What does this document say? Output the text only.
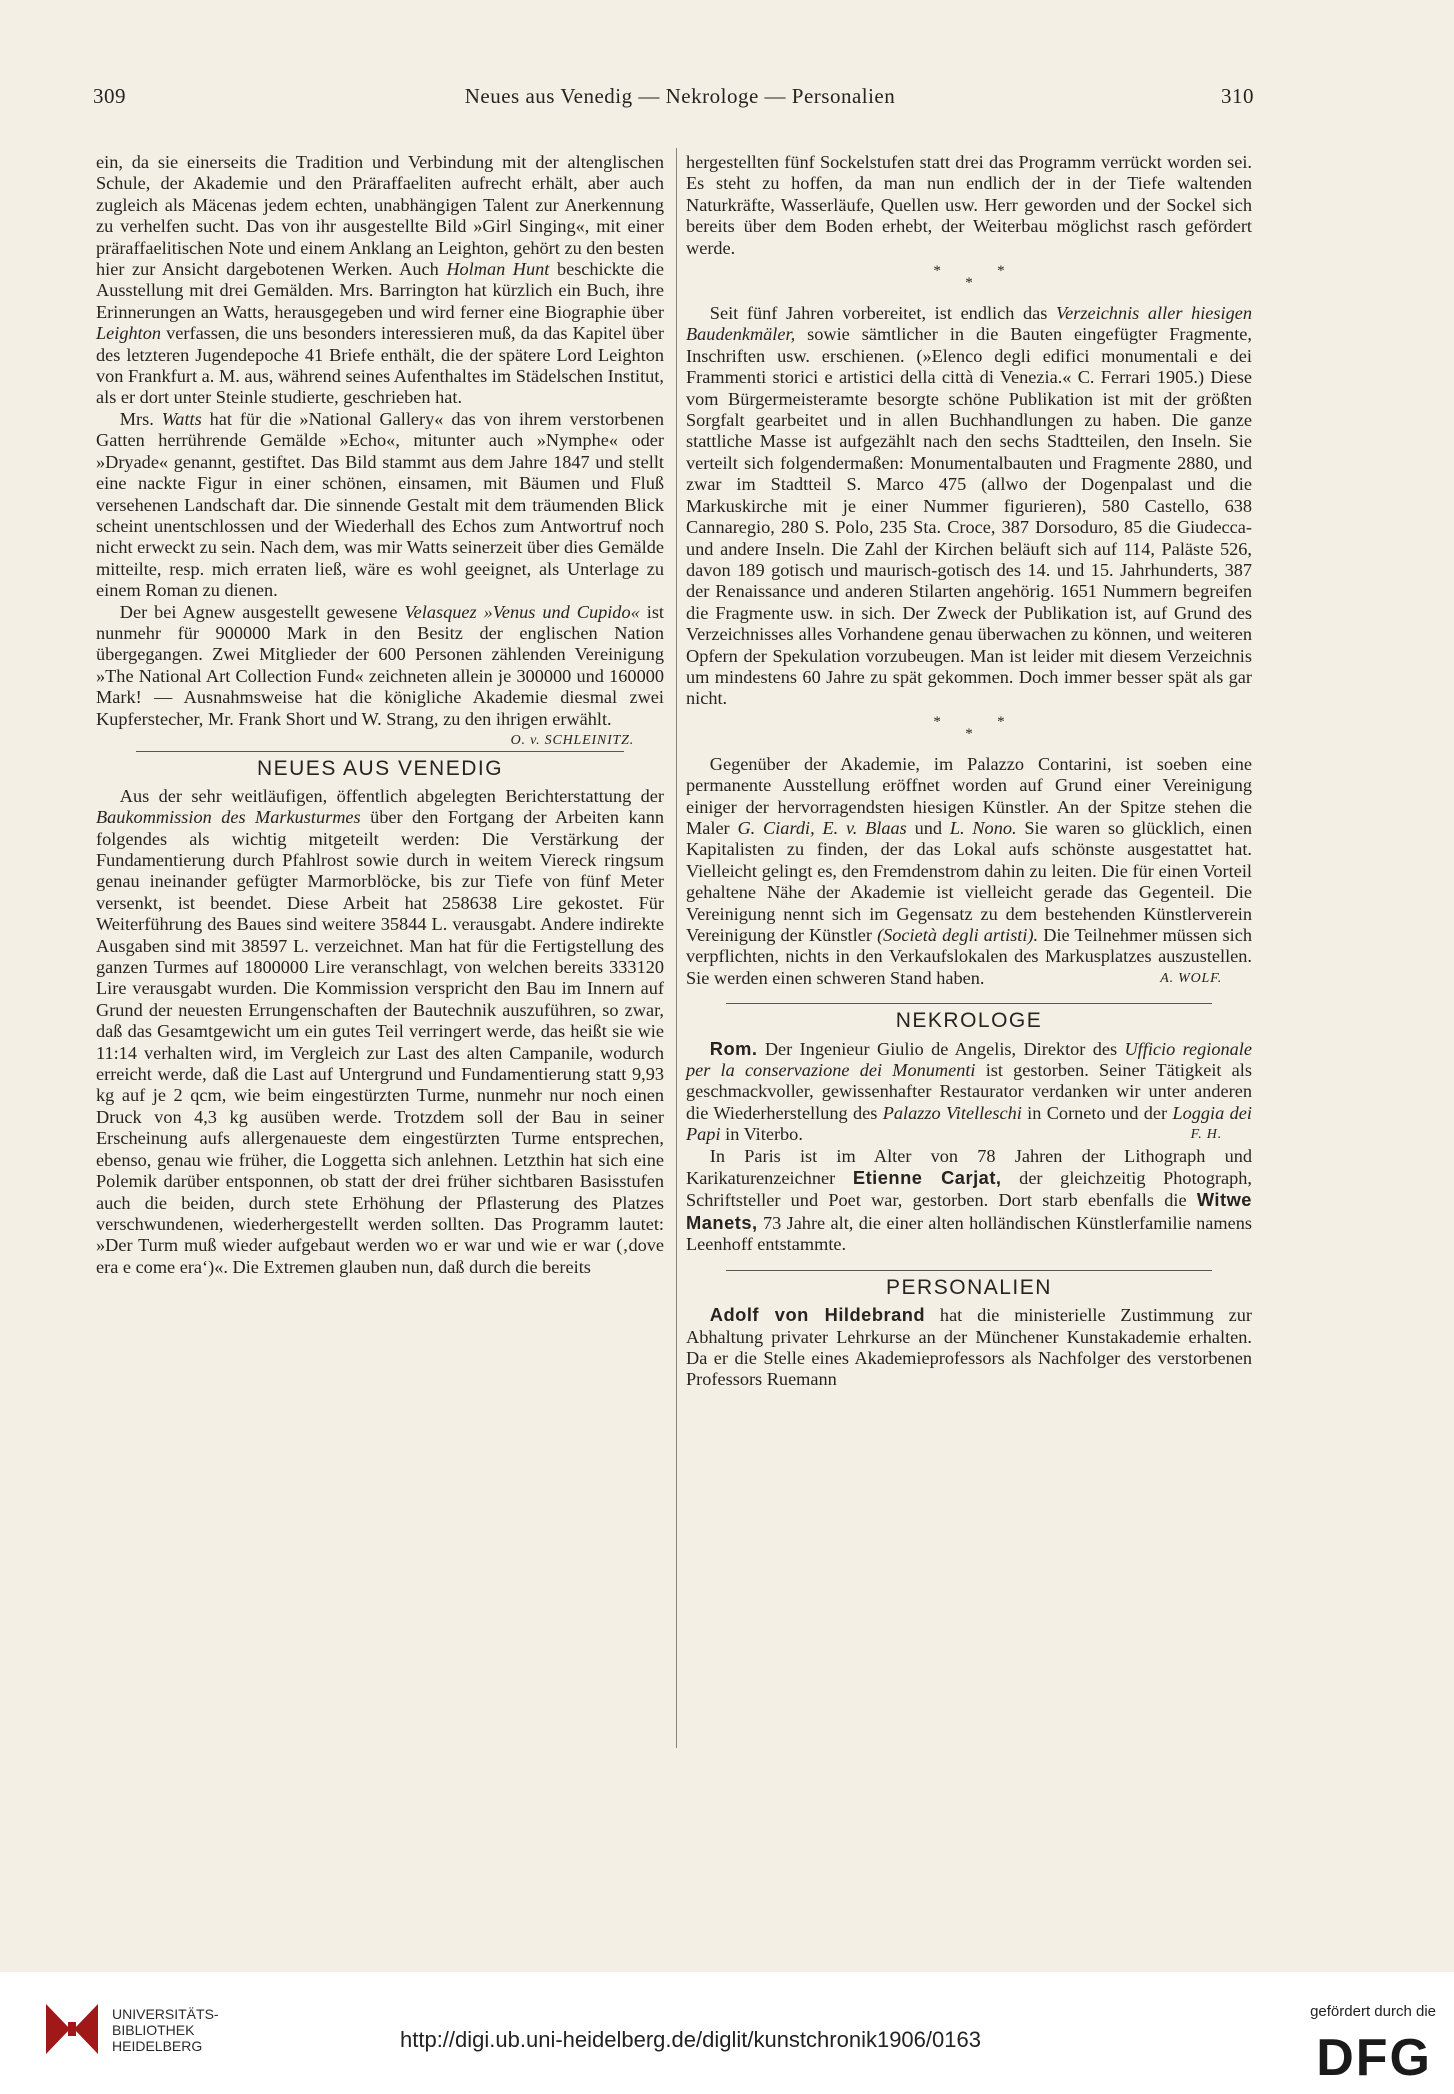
309	Neues aus Venedig — Nekrologe — Personalien	310

ein, da sie einerseits die Tradition und Verbindung mit der altenglischen Schule, der Akademie und den Präraffaeliten aufrecht erhält, aber auch zugleich als Mäcenas jedem echten, unabhängigen Talent zur Anerkennung zu verhelfen sucht. Das von ihr ausgestellte Bild »Girl Singing«, mit einer präraffaelitischen Note und einem Anklang an Leighton, gehört zu den besten hier zur Ansicht dargebotenen Werken. Auch Holman Hunt beschickte die Ausstellung mit drei Gemälden. Mrs. Barrington hat kürzlich ein Buch, ihre Erinnerungen an Watts, herausgegeben und wird ferner eine Biographie über Leighton verfassen, die uns besonders interessieren muß, da das Kapitel über des letzteren Jugendepoche 41 Briefe enthält, die der spätere Lord Leighton von Frankfurt a. M. aus, während seines Aufenthaltes im Städelschen Institut, als er dort unter Steinle studierte, geschrieben hat.

Mrs. Watts hat für die »National Gallery« das von ihrem verstorbenen Gatten herrührende Gemälde »Echo«, mitunter auch »Nymphe« oder »Dryade« genannt, gestiftet. Das Bild stammt aus dem Jahre 1847 und stellt eine nackte Figur in einer schönen, einsamen, mit Bäumen und Fluß versehenen Landschaft dar. Die sinnende Gestalt mit dem träumenden Blick scheint unentschlossen und der Wiederhall des Echos zum Antwortruf noch nicht erweckt zu sein. Nach dem, was mir Watts seinerzeit über dies Gemälde mitteilte, resp. mich erraten ließ, wäre es wohl geeignet, als Unterlage zu einem Roman zu dienen.

Der bei Agnew ausgestellt gewesene Velasquez »Venus und Cupido« ist nunmehr für 900000 Mark in den Besitz der englischen Nation übergegangen. Zwei Mitglieder der 600 Personen zählenden Vereinigung »The National Art Collection Fund« zeichneten allein je 300000 und 160000 Mark! — Ausnahmsweise hat die königliche Akademie diesmal zwei Kupferstecher, Mr. Frank Short und W. Strang, zu den ihrigen erwählt.
O. v. SCHLEINITZ.

NEUES AUS VENEDIG

Aus der sehr weitläufigen, öffentlich abgelegten Berichterstattung der Baukommission des Markusturmes über den Fortgang der Arbeiten kann folgendes als wichtig mitgeteilt werden: Die Verstärkung der Fundamentierung durch Pfahlrost sowie durch in weitem Viereck ringsum genau ineinander gefügter Marmorblöcke, bis zur Tiefe von fünf Meter versenkt, ist beendet. Diese Arbeit hat 258638 Lire gekostet. Für Weiterführung des Baues sind weitere 35844 L. verausgabt. Andere indirekte Ausgaben sind mit 38597 L. verzeichnet. Man hat für die Fertigstellung des ganzen Turmes auf 1800000 Lire veranschlagt, von welchen bereits 333120 Lire verausgabt wurden. Die Kommission verspricht den Bau im Innern auf Grund der neuesten Errungenschaften der Bautechnik auszuführen, so zwar, daß das Gesamtgewicht um ein gutes Teil verringert werde, das heißt sie wie 11:14 verhalten wird, im Vergleich zur Last des alten Campanile, wodurch erreicht werde, daß die Last auf Untergrund und Fundamentierung statt 9,93 kg auf je 2 qcm, wie beim eingestürzten Turme, nunmehr nur noch einen Druck von 4,3 kg ausüben werde. Trotzdem soll der Bau in seiner Erscheinung aufs allergenaueste dem eingestürzten Turme entsprechen, ebenso, genau wie früher, die Loggetta sich anlehnen. Letzthin hat sich eine Polemik darüber entsponnen, ob statt der drei früher sichtbaren Basisstufen auch die beiden, durch stete Erhöhung der Pflasterung des Platzes verschwundenen, wiederhergestellt werden sollten. Das Programm lautet: »Der Turm muß wieder aufgebaut werden wo er war und wie er war (‚dove era e come era‘)«. Die Extremen glauben nun, daß durch die bereits

hergestellten fünf Sockelstufen statt drei das Programm verrückt worden sei. Es steht zu hoffen, da man nun endlich der in der Tiefe waltenden Naturkräfte, Wasserläufe, Quellen usw. Herr geworden und der Sockel sich bereits über dem Boden erhebt, der Weiterbau möglichst rasch gefördert werde.

*               *
*

Seit fünf Jahren vorbereitet, ist endlich das Verzeichnis aller hiesigen Baudenkmäler, sowie sämtlicher in die Bauten eingefügter Fragmente, Inschriften usw. erschienen. (»Elenco degli edifici monumentali e dei Frammenti storici e artistici della città di Venezia.« C. Ferrari 1905.) Diese vom Bürgermeisteramte besorgte schöne Publikation ist mit der größten Sorgfalt gearbeitet und in allen Buchhandlungen zu haben. Die ganze stattliche Masse ist aufgezählt nach den sechs Stadtteilen, den Inseln. Sie verteilt sich folgendermaßen: Monumentalbauten und Fragmente 2880, und zwar im Stadtteil S. Marco 475 (allwo der Dogenpalast und die Markuskirche mit je einer Nummer figurieren), 580 Castello, 638 Cannaregio, 280 S. Polo, 235 Sta. Croce, 387 Dorsoduro, 85 die Giudecca- und andere Inseln. Die Zahl der Kirchen beläuft sich auf 114, Paläste 526, davon 189 gotisch und maurisch-gotisch des 14. und 15. Jahrhunderts, 387 der Renaissance und anderen Stilarten angehörig. 1651 Nummern begreifen die Fragmente usw. in sich. Der Zweck der Publikation ist, auf Grund des Verzeichnisses alles Vorhandene genau überwachen zu können, und weiteren Opfern der Spekulation vorzubeugen. Man ist leider mit diesem Verzeichnis um mindestens 60 Jahre zu spät gekommen. Doch immer besser spät als gar nicht.

*               *
*

Gegenüber der Akademie, im Palazzo Contarini, ist soeben eine permanente Ausstellung eröffnet worden auf Grund einer Vereinigung einiger der hervorragendsten hiesigen Künstler. An der Spitze stehen die Maler G. Ciardi, E. v. Blaas und L. Nono. Sie waren so glücklich, einen Kapitalisten zu finden, der das Lokal aufs schönste ausgestattet hat. Vielleicht gelingt es, den Fremdenstrom dahin zu leiten. Die für einen Vorteil gehaltene Nähe der Akademie ist vielleicht gerade das Gegenteil. Die Vereinigung nennt sich im Gegensatz zu dem bestehenden Künstlerverein Vereinigung der Künstler (Società degli artisti). Die Teilnehmer müssen sich verpflichten, nichts in den Verkaufslokalen des Markusplatzes auszustellen. Sie werden einen schweren Stand haben.	A. WOLF.

NEKROLOGE

Rom. Der Ingenieur Giulio de Angelis, Direktor des Ufficio regionale per la conservazione dei Monumenti ist gestorben. Seiner Tätigkeit als geschmackvoller, gewissenhafter Restaurator verdanken wir unter anderen die Wiederherstellung des Palazzo Vitelleschi in Corneto und der Loggia dei Papi in Viterbo.	F. H.

In Paris ist im Alter von 78 Jahren der Lithograph und Karikaturenzeichner Etienne Carjat, der gleichzeitig Photograph, Schriftsteller und Poet war, gestorben. Dort starb ebenfalls die Witwe Manets, 73 Jahre alt, die einer alten holländischen Künstlerfamilie namens Leenhoff entstammte.

PERSONALIEN

Adolf von Hildebrand hat die ministerielle Zustimmung zur Abhaltung privater Lehrkurse an der Münchener Kunstakademie erhalten. Da er die Stelle eines Akademieprofessors als Nachfolger des verstorbenen Professors Ruemann

UNIVERSITÄTS-
BIBLIOTHEK
HEIDELBERG	http://digi.ub.uni-heidelberg.de/diglit/kunstchronik1906/0163
gefördert durch die
DFG
